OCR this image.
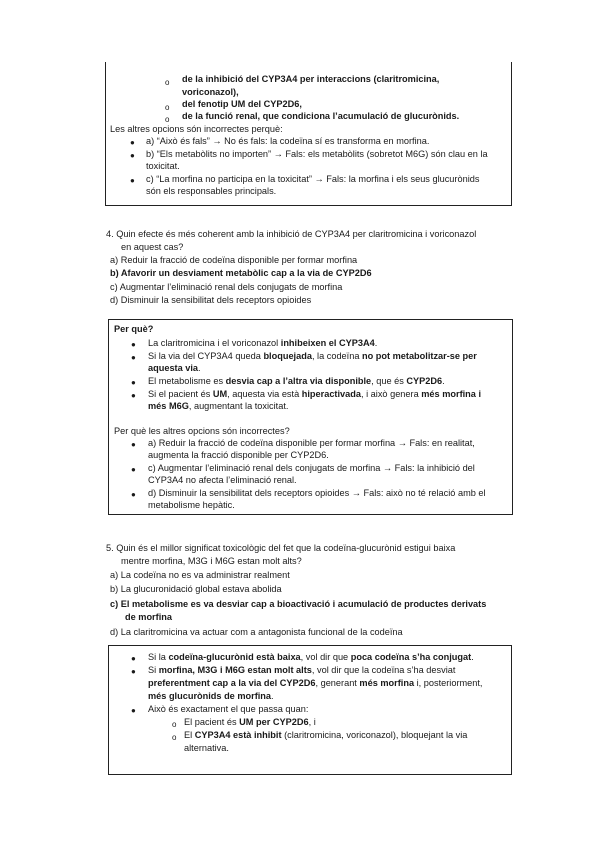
o de la inhibició del CYP3A4 per interaccions (claritromicina,
voriconazol),
o del fenotip UM del CYP2D6,
o de la funció renal, que condiciona l’acumulació de glucurònids.
Les altres opcions són incorrectes perquè:
● a) “Això és fals” → No és fals: la codeïna sí es transforma en morfina.
● b) “Els metabòlits no importen” → Fals: els metabòlits (sobretot M6G) són clau en la
toxicitat.
● c) “La morfina no participa en la toxicitat” → Fals: la morfina i els seus glucurònids
són els responsables principals.
4. Quin efecte és més coherent amb la inhibició de CYP3A4 per claritromicina i voriconazol
en aquest cas?
a) Reduir la fracció de codeïna disponible per formar morfina
b) Afavorir un desviament metabòlic cap a la via de CYP2D6
c) Augmentar l’eliminació renal dels conjugats de morfina
d) Disminuir la sensibilitat dels receptors opioides
Per què?
● La claritromicina i el voriconazol inhibeixen el CYP3A4.
● Si la via del CYP3A4 queda bloquejada, la codeïna no pot metabolitzar-se per
aquesta via.
● El metabolisme es desvia cap a l’altra via disponible, que és CYP2D6.
● Si el pacient és UM, aquesta via està hiperactivada, i això genera més morfina i
més M6G, augmentant la toxicitat.
Per què les altres opcions són incorrectes?
● a) Reduir la fracció de codeïna disponible per formar morfina → Fals: en realitat,
augmenta la fracció disponible per CYP2D6.
● c) Augmentar l’eliminació renal dels conjugats de morfina → Fals: la inhibició del
CYP3A4 no afecta l’eliminació renal.
● d) Disminuir la sensibilitat dels receptors opioides → Fals: això no té relació amb el
metabolisme hepàtic.
5. Quin és el millor significat toxicològic del fet que la codeïna-glucurònid estigui baixa
mentre morfina, M3G i M6G estan molt alts?
a) La codeïna no es va administrar realment
b) La glucuronidació global estava abolida
c) El metabolisme es va desviar cap a bioactivació i acumulació de productes derivats
de morfina
d) La claritromicina va actuar com a antagonista funcional de la codeïna
● Si la codeïna-glucurònid està baixa, vol dir que poca codeïna s’ha conjugat.
● Si morfina, M3G i M6G estan molt alts, vol dir que la codeïna s’ha desviat
preferentment cap a la via del CYP2D6, generant més morfina i, posteriorment,
més glucurònids de morfina.
● Això és exactament el que passa quan:
o El pacient és UM per CYP2D6, i
o El CYP3A4 està inhibit (claritromicina, voriconazol), bloquejant la via
alternativa.
